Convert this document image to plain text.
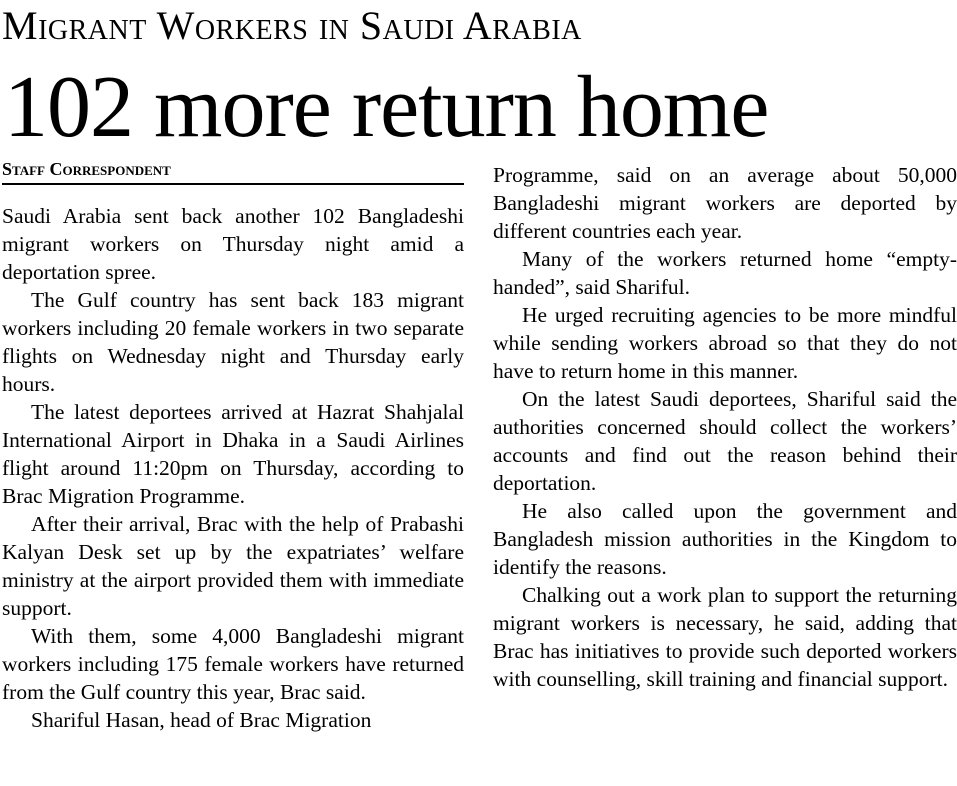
Migrant Workers in Saudi Arabia
102 more return home
Staff Correspondent

Saudi Arabia sent back another 102 Bangladeshi migrant workers on Thursday night amid a deportation spree.

The Gulf country has sent back 183 migrant workers including 20 female workers in two separate flights on Wednesday night and Thursday early hours.

The latest deportees arrived at Hazrat Shahjalal International Airport in Dhaka in a Saudi Airlines flight around 11:20pm on Thursday, according to Brac Migration Programme.

After their arrival, Brac with the help of Prabashi Kalyan Desk set up by the expatriates’ welfare ministry at the airport provided them with immediate support.

With them, some 4,000 Bangladeshi migrant workers including 175 female workers have returned from the Gulf country this year, Brac said.

Shariful Hasan, head of Brac Migration

Programme, said on an average about 50,000 Bangladeshi migrant workers are deported by different countries each year.

Many of the workers returned home “empty-handed”, said Shariful.

He urged recruiting agencies to be more mindful while sending workers abroad so that they do not have to return home in this manner.

On the latest Saudi deportees, Shariful said the authorities concerned should collect the workers’ accounts and find out the reason behind their deportation.

He also called upon the government and Bangladesh mission authorities in the Kingdom to identify the reasons.

Chalking out a work plan to support the returning migrant workers is necessary, he said, adding that Brac has initiatives to provide such deported workers with counselling, skill training and financial support.
